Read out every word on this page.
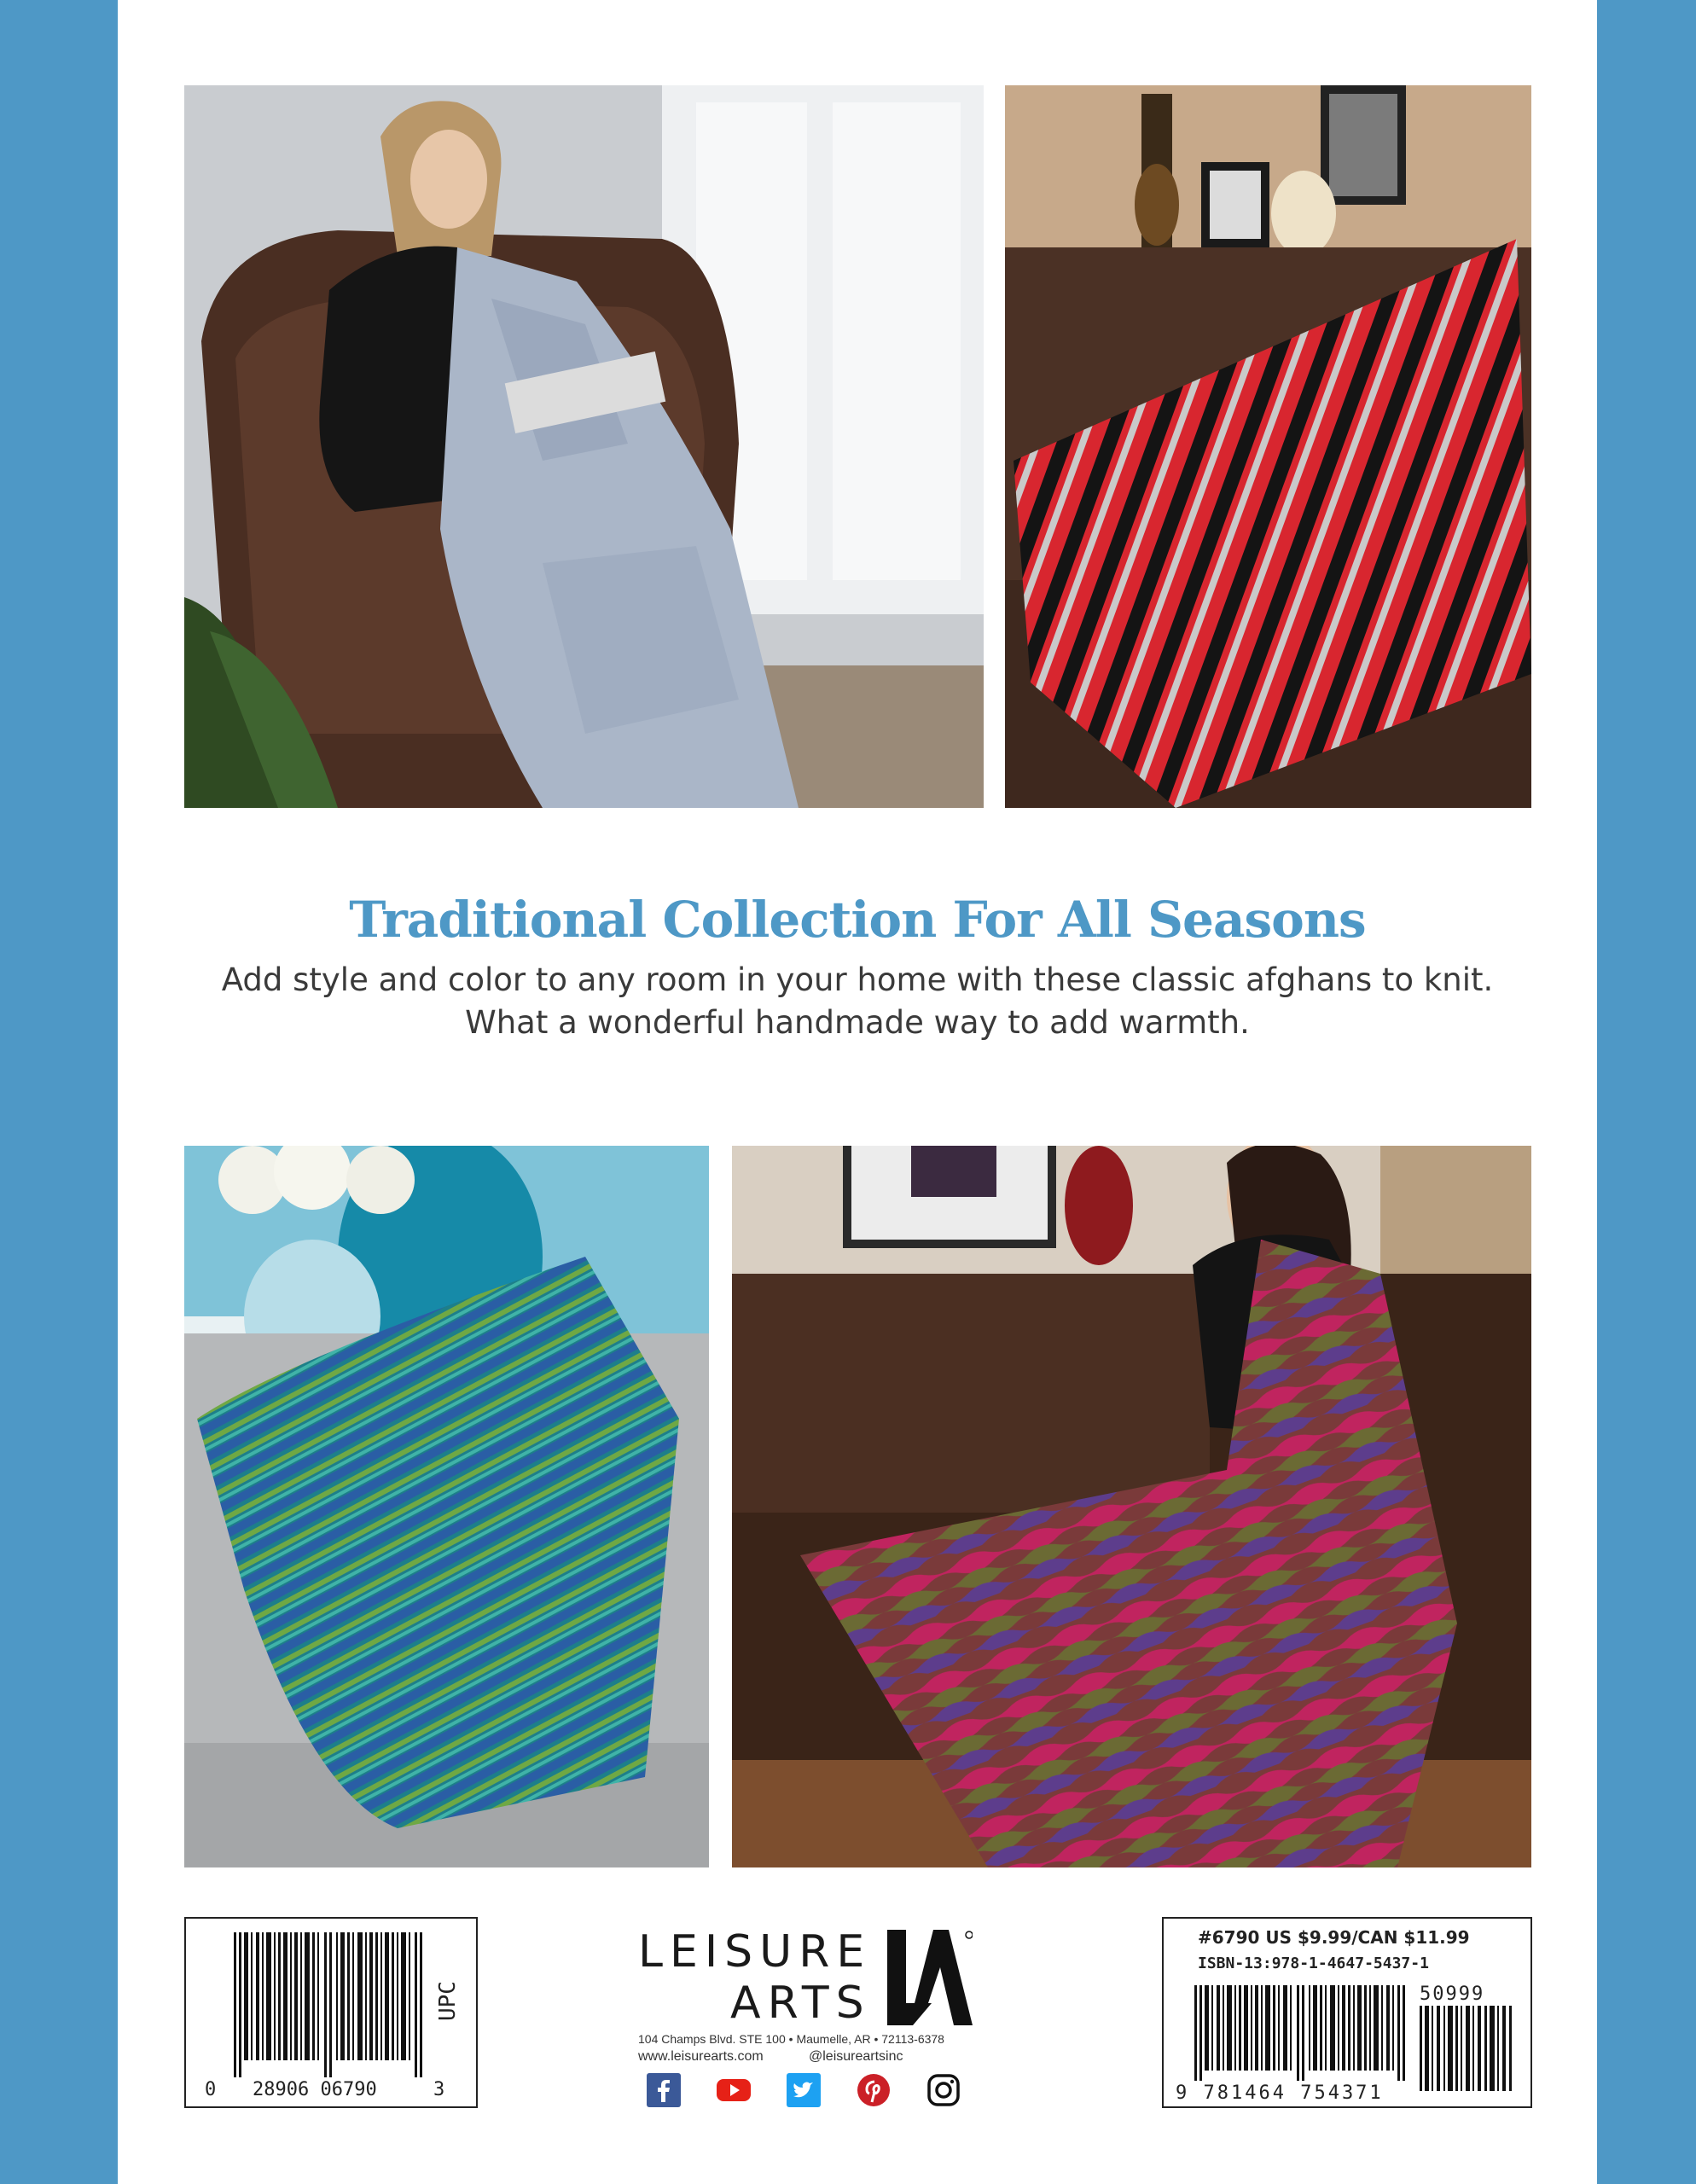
Traditional Collection For All Seasons
Add style and color to any room in your home with these classic afghans to knit.
What a wonderful handmade way to add warmth.
UPC
0 28906 06790	3
LEISURE
ARTS
104 Champs Blvd. STE 100 • Maumelle, AR • 72113-6378
www.leisurearts.com	@leisureartsinc
#6790 US $9.99/CAN $11.99
ISBN-13:978-1-4647-5437-1
50999
9 781464 754371
